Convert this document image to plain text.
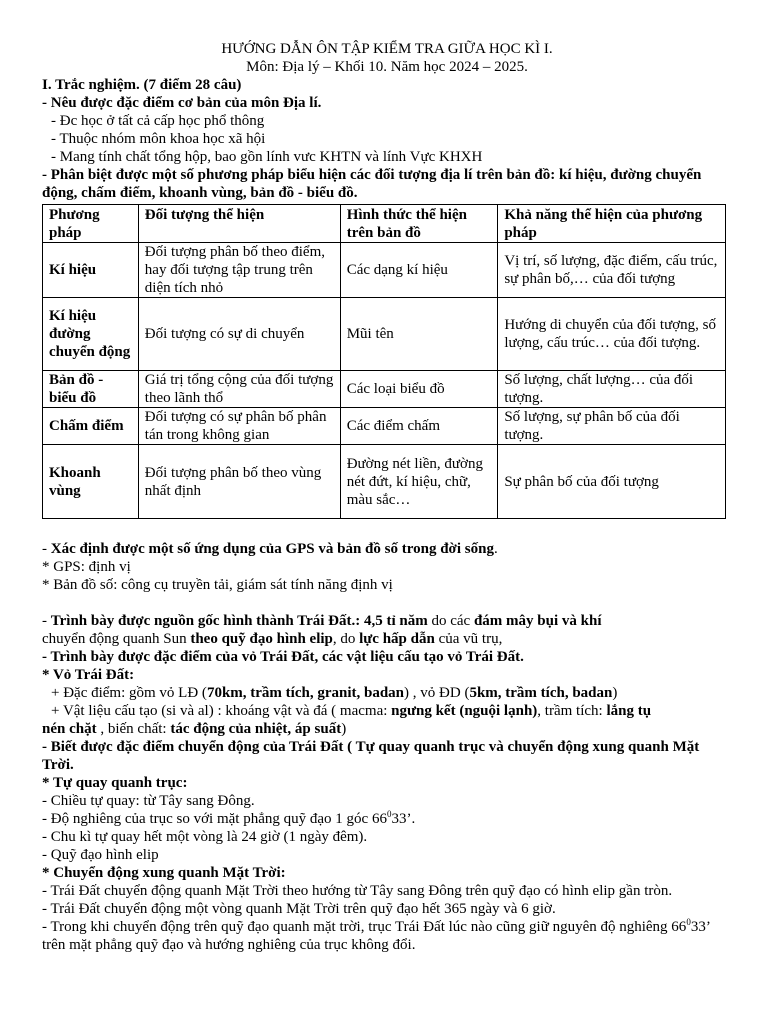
HƯỚNG DẪN ÔN TẬP KIỂM TRA GIỮA HỌC KÌ I.
Môn: Địa lý – Khối 10. Năm học 2024 – 2025.
I. Trắc nghiệm. (7 điểm 28 câu)
- Nêu được đặc điểm cơ bản của môn Địa lí.
- Đc học ở tất cả cấp học phổ thông
- Thuộc nhóm môn khoa học xã hội
- Mang tính chất tổng hộp, bao gồn lính vưc KHTN và lính Vực KHXH
- Phân biệt được một số phương pháp biểu hiện các đối tượng địa lí trên bản đồ: kí hiệu, đường chuyển động, chấm điểm, khoanh vùng, bản đồ - biểu đồ.
Phương pháp	Đối tượng thể hiện	Hình thức thể hiện trên bản đồ	Khả năng thể hiện của phương pháp
Kí hiệu	Đối tượng phân bố theo điểm, hay đối tượng tập trung trên diện tích nhỏ	Các dạng kí hiệu	Vị trí, số lượng, đặc điểm, cấu trúc, sự phân bố,… của đối tượng
Kí hiệu đường chuyển động	Đối tượng có sự di chuyển	Mũi tên	Hướng di chuyển của đối tượng, số lượng, cấu trúc… của đối tượng.
Bản đồ - biểu đồ	Giá trị tổng cộng của đối tượng theo lãnh thổ	Các loại biểu đồ	Số lượng, chất lượng… của đối tượng.
Chấm điểm	Đối tượng có sự phân bố phân tán trong không gian	Các điểm chấm	Số lượng, sự phân bố của đối tượng.
Khoanh vùng	Đối tượng phân bố theo vùng nhất định	Đường nét liền, đường nét đứt, kí hiệu, chữ, màu sắc…	Sự phân bố của đối tượng
- Xác định được một số ứng dụng của GPS và bản đồ số trong đời sống.
* GPS: định vị
* Bản đồ số: công cụ truyền tải, giám sát tính năng định vị
- Trình bày được nguồn gốc hình thành Trái Đất.: 4,5 tỉ năm do các đám mây bụi và khí
chuyển động quanh Sun theo quỹ đạo hình elip, do lực hấp dẫn của vũ trụ,
- Trình bày được đặc điểm của vỏ Trái Đất, các vật liệu cấu tạo vỏ Trái Đất.
* Vỏ Trái Đất:
+ Đặc điểm: gồm vỏ LĐ (70km, trầm tích, granit, badan) , vỏ ĐD (5km, trầm tích, badan)
+ Vật liệu cấu tạo (si và al) : khoáng vật và đá ( macma: ngưng kết (nguội lạnh), trầm tích: lắng tụ
nén chặt , biến chất: tác động của nhiệt, áp suất)
- Biết được đặc điểm chuyển động của Trái Đất ( Tự quay quanh trục và chuyển động xung quanh Mặt Trời.
* Tự quay quanh trục:
- Chiều tự quay: từ Tây sang Đông.
- Độ nghiêng của trục so với mặt phẳng quỹ đạo 1 góc $66^033$’.
- Chu kì tự quay hết một vòng là 24 giờ (1 ngày đêm).
- Quỹ đạo hình elip
* Chuyển động xung quanh Mặt Trời:
- Trái Đất chuyển động quanh Mặt Trời theo hướng từ Tây sang Đông trên quỹ đạo có hình elip gần tròn.
- Trái Đất chuyển động một vòng quanh Mặt Trời trên quỹ đạo hết 365 ngày và 6 giờ.
- Trong khi chuyển động trên quỹ đạo quanh mặt trời, trục Trái Đất lúc nào cũng giữ nguyên độ nghiêng $66^033$’ trên mặt phẳng quỹ đạo và hướng nghiêng của trục không đổi.
